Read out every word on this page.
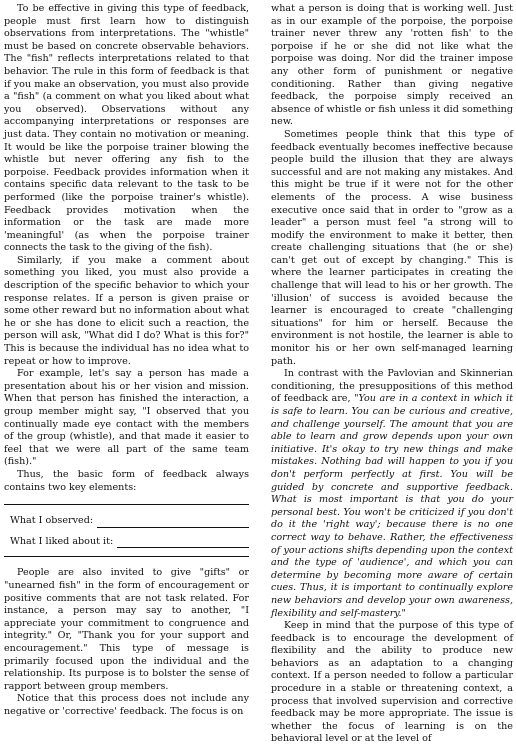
To be effective in giving this type of feedback, people must first learn how to distinguish observations from interpretations. The "whistle" must be based on concrete observable behaviors. The "fish" reflects interpretations related to that behavior. The rule in this form of feedback is that if you make an observation, you must also provide a "fish" (a comment on what you liked about what you observed). Observations without any accompanying interpretations or responses are just data. They contain no motivation or meaning. It would be like the porpoise trainer blowing the whistle but never offering any fish to the porpoise. Feedback provides information when it contains specific data relevant to the task to be performed (like the porpoise trainer's whistle). Feedback provides motivation when the information or the task are made more 'meaningful' (as when the porpoise trainer connects the task to the giving of the fish).

Similarly, if you make a comment about something you liked, you must also provide a description of the specific behavior to which your response relates. If a person is given praise or some other reward but no information about what he or she has done to elicit such a reaction, the person will ask, "What did I do? What is this for?" This is because the individual has no idea what to repeat or how to improve.

For example, let's say a person has made a presentation about his or her vision and mission. When that person has finished the interaction, a group member might say, "I observed that you continually made eye contact with the members of the group (whistle), and that made it easier to feel that we were all part of the same team (fish)."

Thus, the basic form of feedback always contains two key elements:

What I observed:
What I liked about it:

People are also invited to give "gifts" or "unearned fish" in the form of encouragement or positive comments that are not task related. For instance, a person may say to another, "I appreciate your commitment to congruence and integrity." Or, "Thank you for your support and encouragement." This type of message is primarily focused upon the individual and the relationship. Its purpose is to bolster the sense of rapport between group members.

Notice that this process does not include any negative or 'corrective' feedback. The focus is on

what a person is doing that is working well. Just as in our example of the porpoise, the porpoise trainer never threw any 'rotten fish' to the porpoise if he or she did not like what the porpoise was doing. Nor did the trainer impose any other form of punishment or negative conditioning. Rather than giving negative feedback, the porpoise simply received an absence of whistle or fish unless it did something new.

Sometimes people think that this type of feedback eventually becomes ineffective because people build the illusion that they are always successful and are not making any mistakes. And this might be true if it were not for the other elements of the process. A wise business executive once said that in order to "grow as a leader" a person must feel "a strong will to modify the environment to make it better, then create challenging situations that (he or she) can't get out of except by changing." This is where the learner participates in creating the challenge that will lead to his or her growth. The 'illusion' of success is avoided because the learner is encouraged to create "challenging situations" for him or herself. Because the environment is not hostile, the learner is able to monitor his or her own self-managed learning path.

In contrast with the Pavlovian and Skinnerian conditioning, the presuppositions of this method of feedback are, "You are in a context in which it is safe to learn. You can be curious and creative, and challenge yourself. The amount that you are able to learn and grow depends upon your own initiative. It's okay to try new things and make mistakes. Nothing bad will happen to you if you don't perform perfectly at first. You will be guided by concrete and supportive feedback. What is most important is that you do your personal best. You won't be criticized if you don't do it the 'right way'; because there is no one correct way to behave. Rather, the effectiveness of your actions shifts depending upon the context and the type of 'audience', and which you can determine by becoming more aware of certain cues. Thus, it is important to continually explore new behaviors and develop your own awareness, flexibility and self-mastery."

Keep in mind that the purpose of this type of feedback is to encourage the development of flexibility and the ability to produce new behaviors as an adaptation to a changing context. If a person needed to follow a particular procedure in a stable or threatening context, a process that involved supervision and corrective feedback may be more appropriate. The issue is whether the focus of learning is on the behavioral level or at the level of
